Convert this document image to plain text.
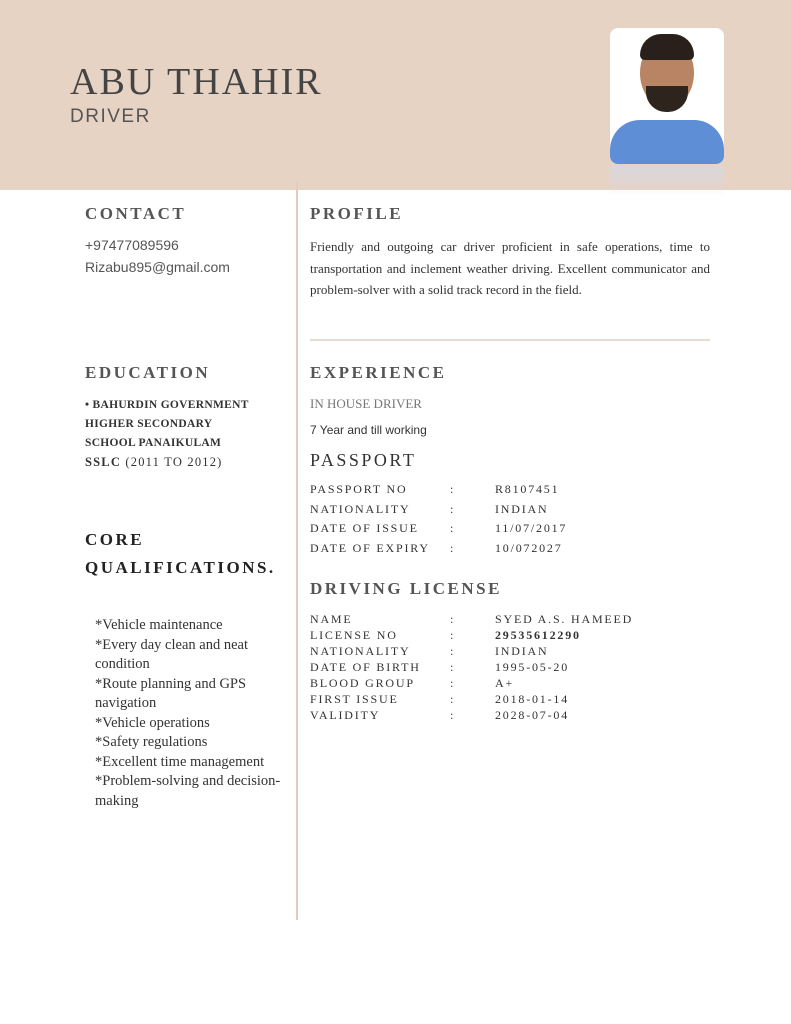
ABU THAHIR
DRIVER
CONTACT
+97477089596
Rizabu895@gmail.com
EDUCATION
• BAHURDIN GOVERNMENT
HIGHER SECONDARY
SCHOOL PANAIKULAM
SSLC (2011 TO 2012)
CORE
QUALIFICATIONS.
*Vehicle maintenance
*Every day clean and neat condition
*Route planning and GPS navigation
*Vehicle operations
*Safety regulations
*Excellent time management
*Problem-solving and decision-making
PROFILE
Friendly and outgoing car driver proficient in safe operations, time to transportation and inclement weather driving. Excellent communicator and problem-solver with a solid track record in the field.
EXPERIENCE
IN HOUSE DRIVER
7 Year and till working
PASSPORT
PASSPORT NO	:	R8107451
NATIONALITY	:	INDIAN
DATE OF ISSUE	:	11/07/2017
DATE OF EXPIRY	:	10/072027
DRIVING LICENSE
NAME	:	SYED A.S. HAMEED
LICENSE NO	:	29535612290
NATIONALITY	:	INDIAN
DATE OF BIRTH	:	1995-05-20
BLOOD GROUP	:	A+
FIRST ISSUE	:	2018-01-14
VALIDITY	:	2028-07-04
